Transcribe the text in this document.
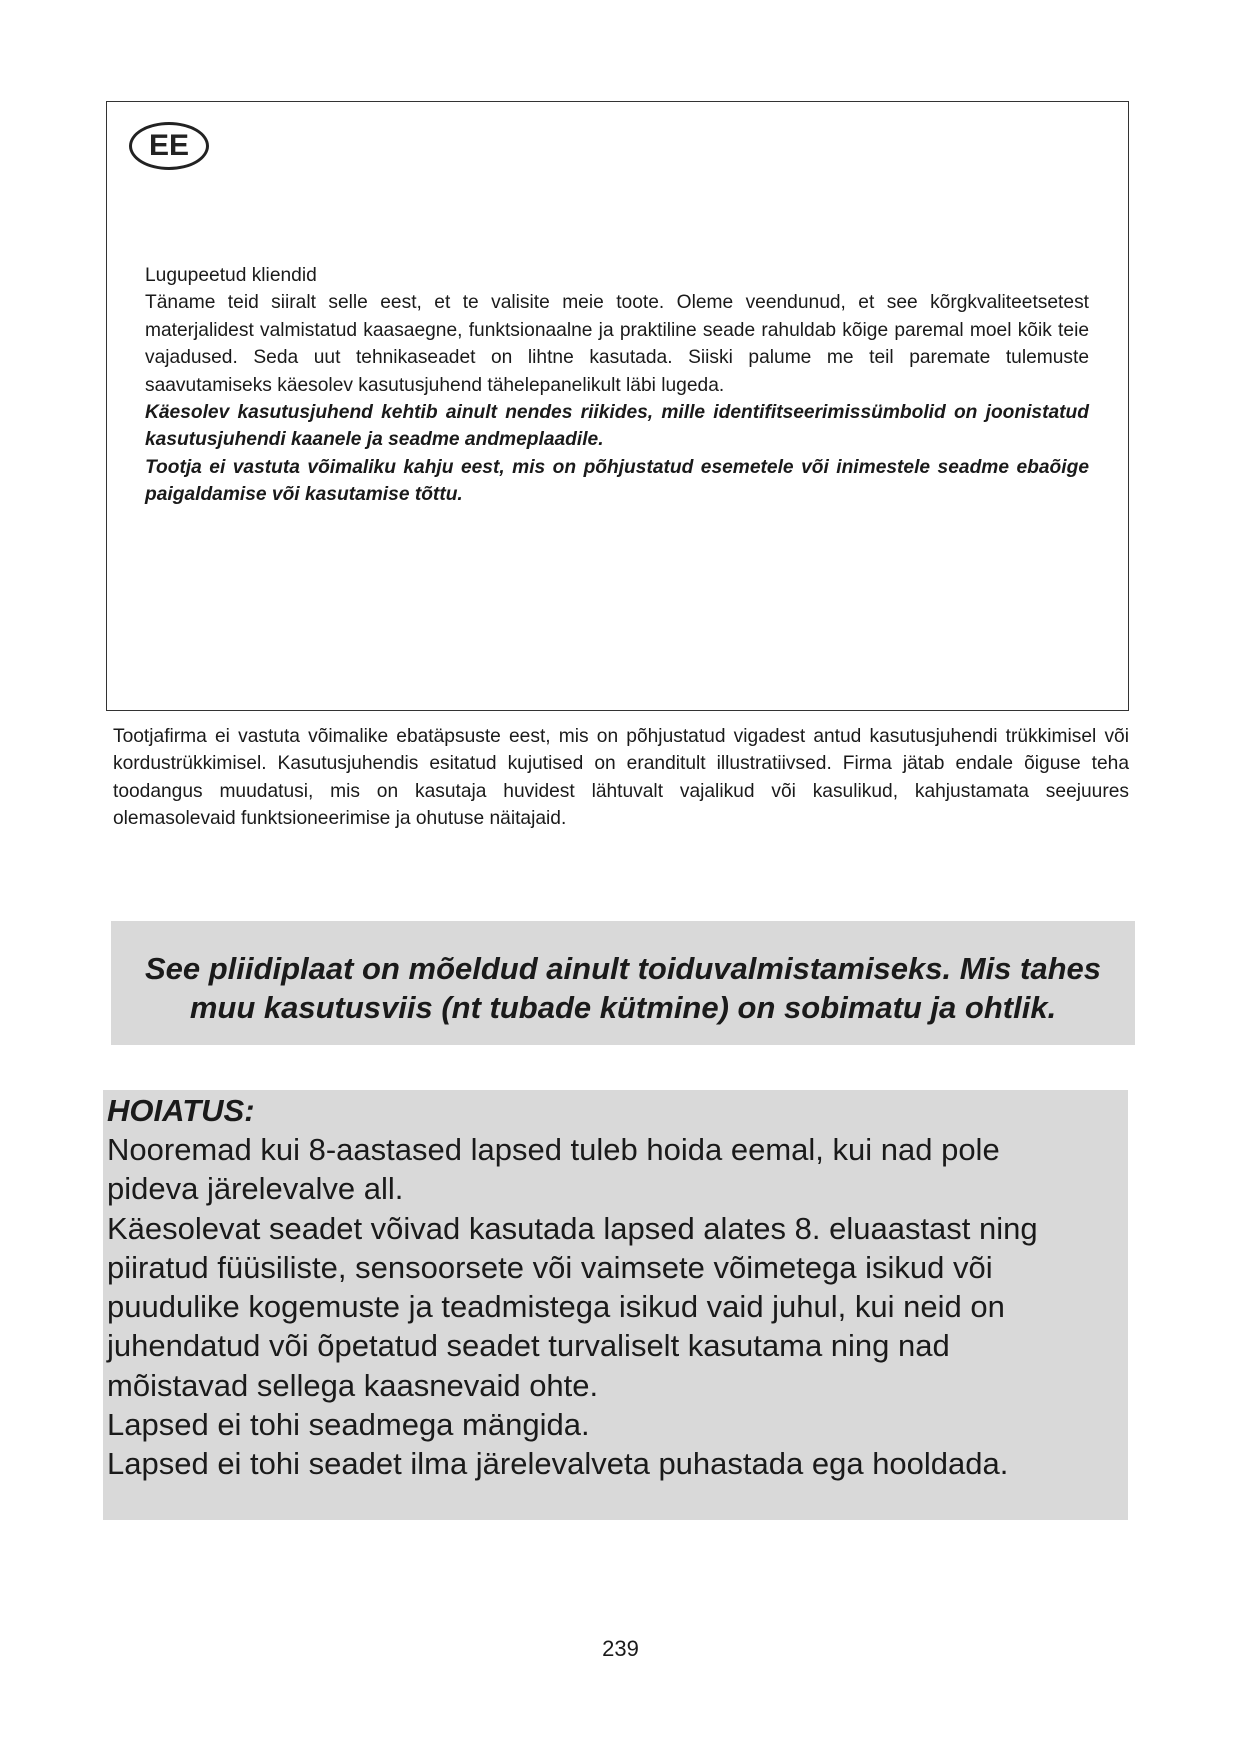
EE

Lugupeetud kliendid

Täname teid siiralt selle eest, et te valisite meie toote. Oleme veendunud, et see kõrgkvaliteetsetest materjalidest valmistatud kaasaegne, funktsionaalne ja praktiline seade rahuldab kõige paremal moel kõik teie vajadused. Seda uut tehnikaseadet on lihtne kasutada. Siiski palume me teil paremate tulemuste saavutamiseks käesolev kasutusjuhend tähelepanelikult läbi lugeda.

Käesolev kasutusjuhend kehtib ainult nendes riikides, mille identifitseerimissümbolid on joonistatud kasutusjuhendi kaanele ja seadme andmeplaadile.

Tootja ei vastuta võimaliku kahju eest, mis on põhjustatud esemetele või inimestele seadme ebaõige paigaldamise või kasutamise tõttu.

Tootjafirma ei vastuta võimalike ebatäpsuste eest, mis on põhjustatud vigadest antud kasutusjuhendi trükkimisel või kordustrükkimisel. Kasutusjuhendis esitatud kujutised on eranditult illustratiivsed. Firma jätab endale õiguse teha toodangus muudatusi, mis on kasutaja huvidest lähtuvalt vajalikud või kasulikud, kahjustamata seejuures olemasolevaid funktsioneerimise ja ohutuse näitajaid.

See pliidiplaat on mõeldud ainult toiduvalmistamiseks. Mis tahes
muu kasutusviis (nt tubade kütmine) on sobimatu ja ohtlik.

HOIATUS:

Nooremad kui 8-aastased lapsed tuleb hoida eemal, kui nad pole

pideva järelevalve all.

Käesolevat seadet võivad kasutada lapsed alates 8. eluaastast ning

piiratud füüsiliste, sensoorsete või vaimsete võimetega isikud või

puudulike kogemuste ja teadmistega isikud vaid juhul, kui neid on

juhendatud või õpetatud seadet turvaliselt kasutama ning nad

mõistavad sellega kaasnevaid ohte.

Lapsed ei tohi seadmega mängida.

Lapsed ei tohi seadet ilma järelevalveta puhastada ega hooldada.

239
